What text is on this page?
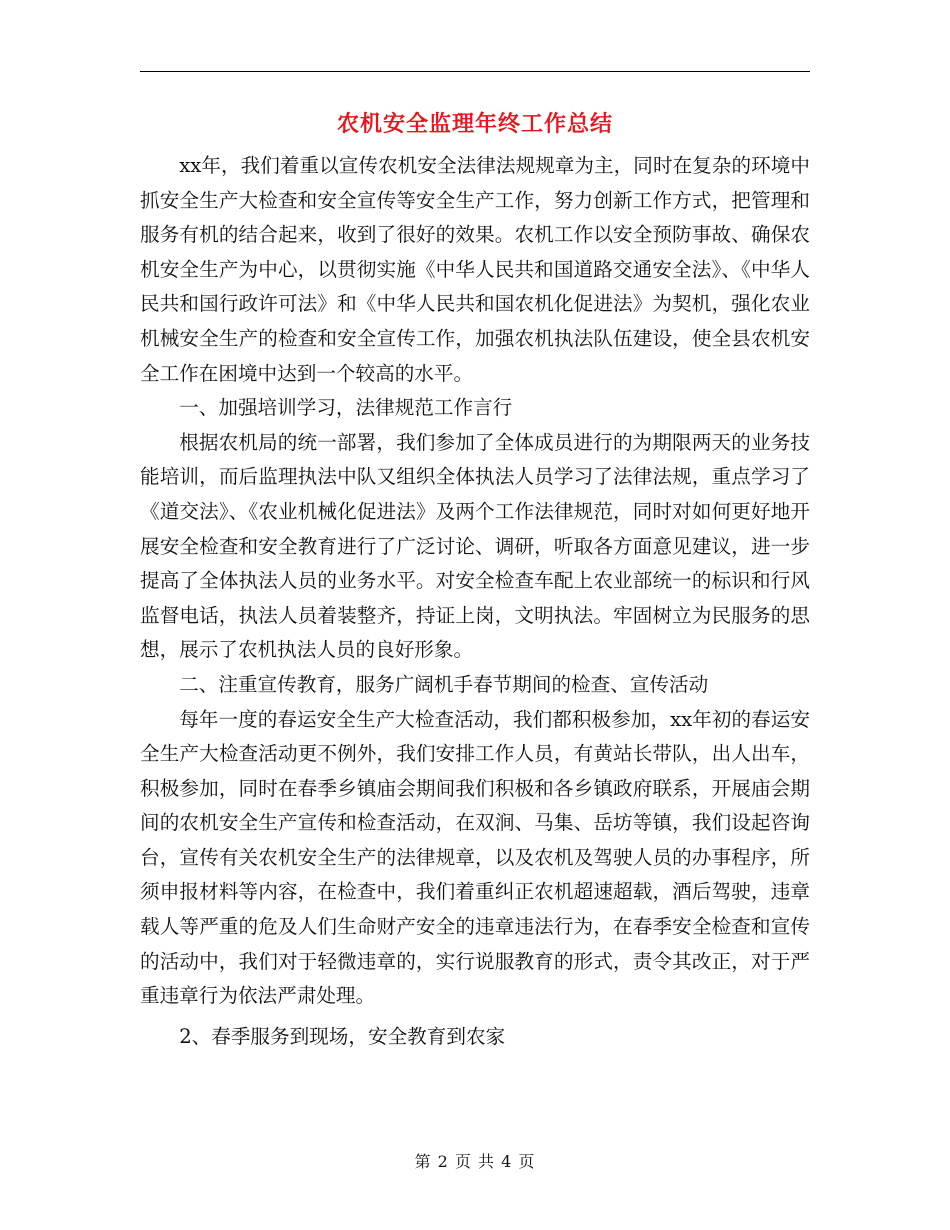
农机安全监理年终工作总结

xx年，我们着重以宣传农机安全法律法规规章为主，同时在复杂的环境中抓安全生产大检查和安全宣传等安全生产工作，努力创新工作方式，把管理和服务有机的结合起来，收到了很好的效果。农机工作以安全预防事故、确保农机安全生产为中心，以贯彻实施《中华人民共和国道路交通安全法》、《中华人民共和国行政许可法》和《中华人民共和国农机化促进法》为契机，强化农业机械安全生产的检查和安全宣传工作，加强农机执法队伍建设，使全县农机安全工作在困境中达到一个较高的水平。

一、加强培训学习，法律规范工作言行

根据农机局的统一部署，我们参加了全体成员进行的为期限两天的业务技能培训，而后监理执法中队又组织全体执法人员学习了法律法规，重点学习了《道交法》、《农业机械化促进法》及两个工作法律规范，同时对如何更好地开展安全检查和安全教育进行了广泛讨论、调研，听取各方面意见建议，进一步提高了全体执法人员的业务水平。对安全检查车配上农业部统一的标识和行风监督电话，执法人员着装整齐，持证上岗，文明执法。牢固树立为民服务的思想，展示了农机执法人员的良好形象。

二、注重宣传教育，服务广阔机手春节期间的检查、宣传活动

每年一度的春运安全生产大检查活动，我们都积极参加，xx年初的春运安全生产大检查活动更不例外，我们安排工作人员，有黄站长带队，出人出车，积极参加，同时在春季乡镇庙会期间我们积极和各乡镇政府联系，开展庙会期间的农机安全生产宣传和检查活动，在双涧、马集、岳坊等镇，我们设起咨询台，宣传有关农机安全生产的法律规章，以及农机及驾驶人员的办事程序，所须申报材料等内容，在检查中，我们着重纠正农机超速超载，酒后驾驶，违章载人等严重的危及人们生命财产安全的违章违法行为，在春季安全检查和宣传的活动中，我们对于轻微违章的，实行说服教育的形式，责令其改正，对于严重违章行为依法严肃处理。

2、春季服务到现场，安全教育到农家

第 2 页 共 4 页
